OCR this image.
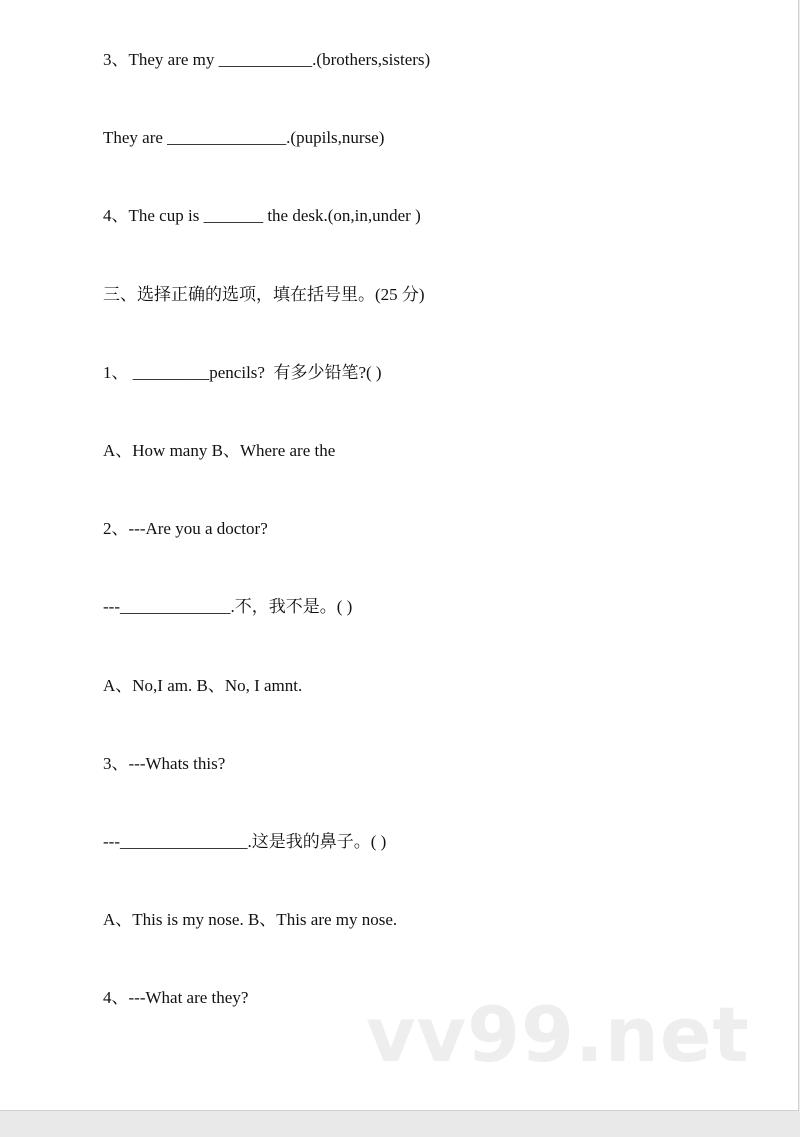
3、They are my ___________.(brothers,sisters)

They are ______________.(pupils,nurse)

4、The cup is _______ the desk.(on,in,under )

三、选择正确的选项，填在括号里。(25 分)

1、 _________pencils?  有多少铅笔?( )

A、How many B、Where are the

2、---Are you a doctor?

---_____________.不，我不是。( )

A、No,I am. B、No, I amnt.

3、---Whats this?

---_______________.这是我的鼻子。( )

A、This is my nose. B、This are my nose.

4、---What are they? vv99.net
